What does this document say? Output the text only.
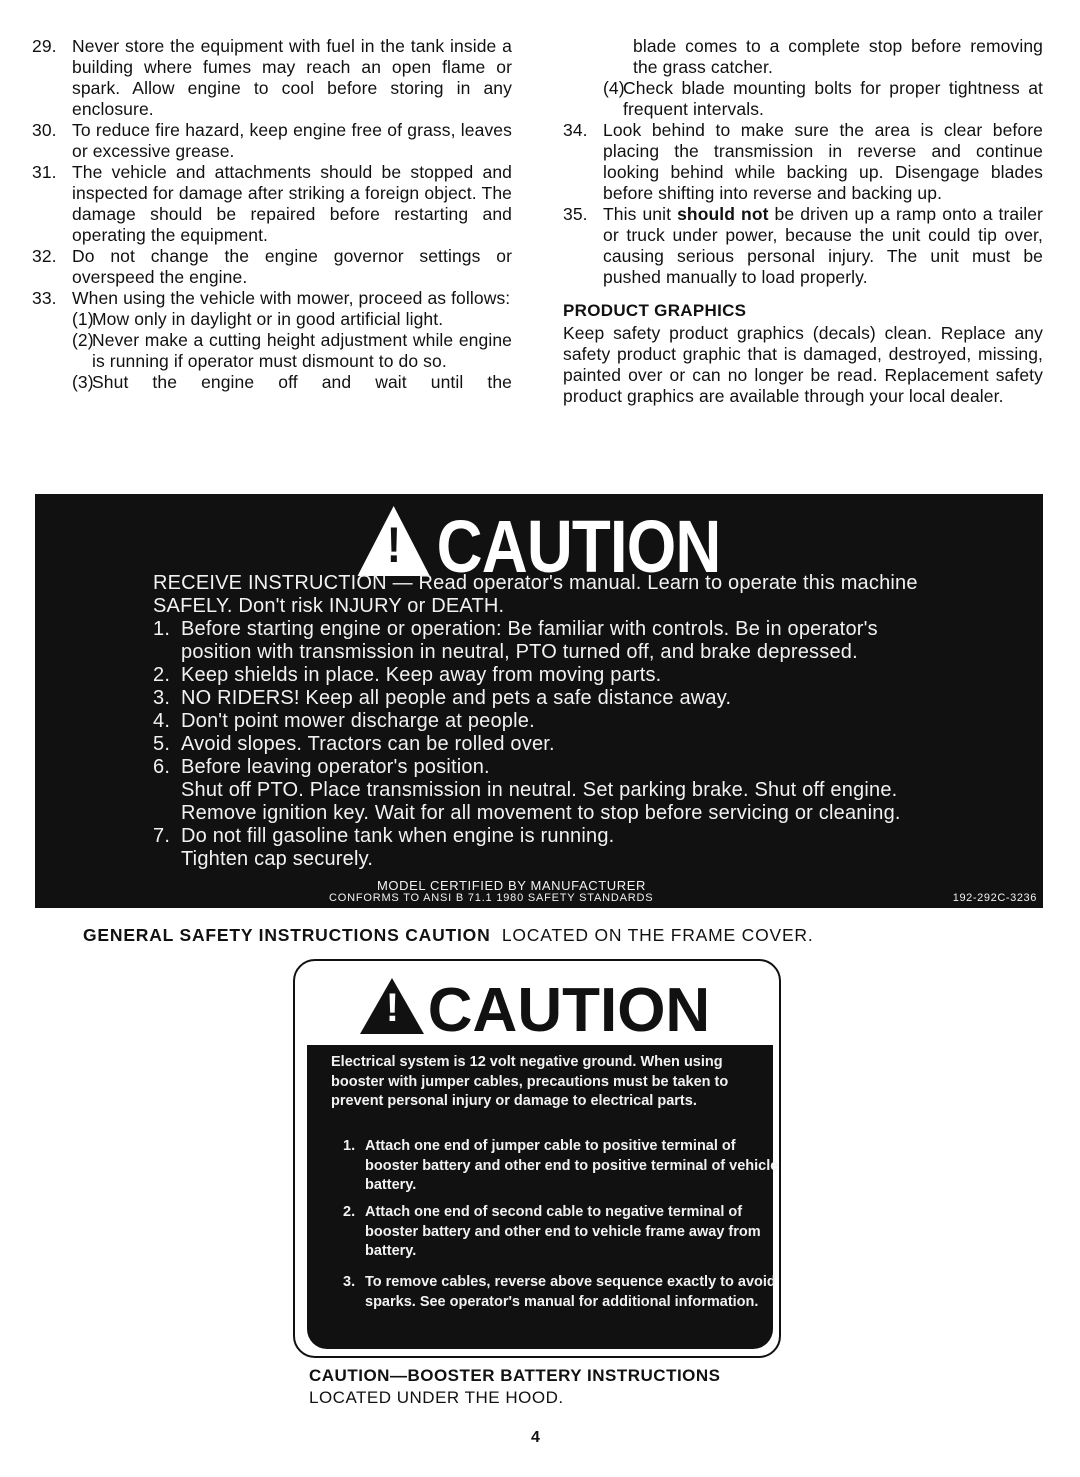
29. Never store the equipment with fuel in the tank inside a building where fumes may reach an open flame or spark. Allow engine to cool before storing in any enclosure.

30. To reduce fire hazard, keep engine free of grass, leaves or excessive grease.

31. The vehicle and attachments should be stopped and inspected for damage after striking a foreign object. The damage should be repaired before restarting and operating the equipment.

32. Do not change the engine governor settings or overspeed the engine.

33. When using the vehicle with mower, proceed as follows:

(1)
Mow only in daylight or in good artificial light.

(2)
Never make a cutting height adjustment while engine is running if operator must dismount to do so.

(3)
Shut the engine off and wait until the

blade comes to a complete stop before removing the grass catcher.

(4)
Check blade mounting bolts for proper tightness at frequent intervals.

34. Look behind to make sure the area is clear before placing the transmission in reverse and continue looking behind while backing up. Disengage blades before shifting into reverse and backing up.

35. This unit should not be driven up a ramp onto a trailer or truck under power, because the unit could tip over, causing serious personal injury. The unit must be pushed manually to load properly.

PRODUCT GRAPHICS

Keep safety product graphics (decals) clean. Replace any safety product graphic that is damaged, destroyed, missing, painted over or can no longer be read. Replacement safety product graphics are available through your local dealer.

! CAUTION

RECEIVE INSTRUCTION — Read operator's manual. Learn to operate this machine

SAFELY. Don't risk INJURY or DEATH.

1. Before starting engine or operation: Be familiar with controls. Be in operator's

position with transmission in neutral, PTO turned off, and brake depressed.

2. Keep shields in place. Keep away from moving parts.

3. NO RIDERS! Keep all people and pets a safe distance away.

4. Don't point mower discharge at people.

5. Avoid slopes. Tractors can be rolled over.

6. Before leaving operator's position.

Shut off PTO. Place transmission in neutral. Set parking brake. Shut off engine.

Remove ignition key. Wait for all movement to stop before servicing or cleaning.

7. Do not fill gasoline tank when engine is running.

Tighten cap securely.

MODEL CERTIFIED BY MANUFACTURER
CONFORMS TO ANSI B 71.1 1980 SAFETY STANDARDS	192-292C-3236
GENERAL SAFETY INSTRUCTIONS CAUTION LOCATED ON THE FRAME COVER.
! CAUTION

Electrical system is 12 volt negative ground. When using booster with jumper cables, precautions must be taken to prevent personal injury or damage to electrical parts.

1. Attach one end of jumper cable to positive terminal of booster battery and other end to positive terminal of vehicle battery.

2. Attach one end of second cable to negative terminal of booster battery and other end to vehicle frame away from battery.

3. To remove cables, reverse above sequence exactly to avoid sparks. See operator's manual for additional information.

CAUTION—BOOSTER BATTERY INSTRUCTIONS
LOCATED UNDER THE HOOD.
4
